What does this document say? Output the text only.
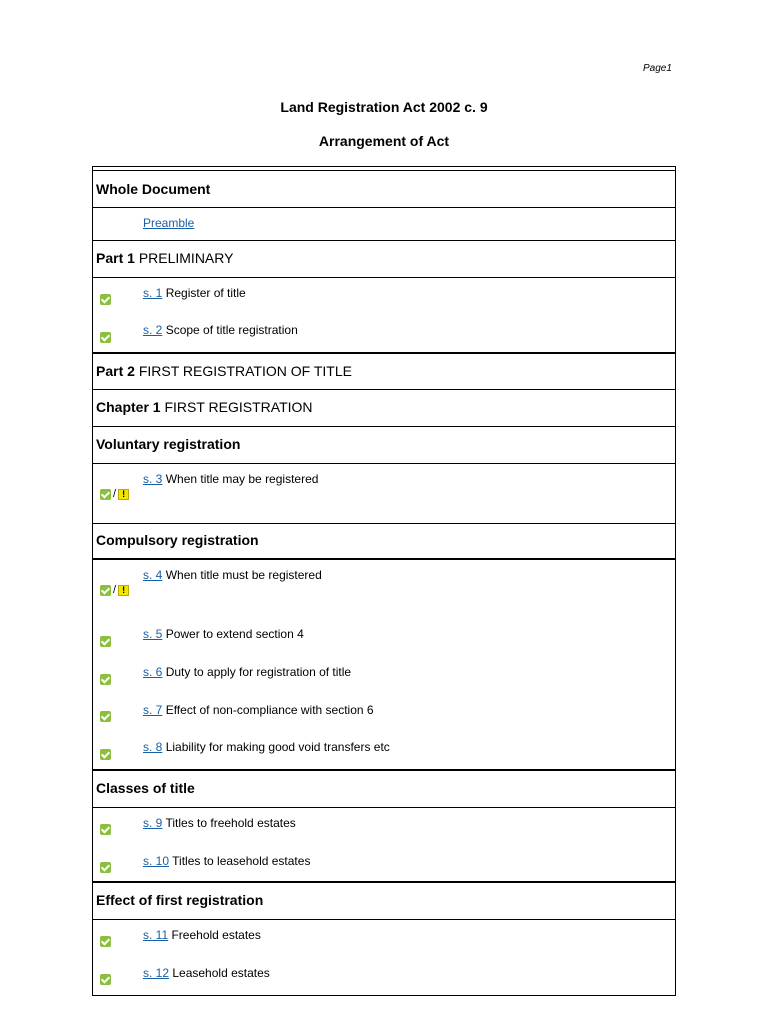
Page1
Land Registration Act 2002 c. 9
Arrangement of Act
Whole Document
Preamble
Part 1 PRELIMINARY
s. 1 Register of title
s. 2 Scope of title registration
Part 2 FIRST REGISTRATION OF TITLE
Chapter 1 FIRST REGISTRATION
Voluntary registration
/ !
s. 3 When title may be registered
Compulsory registration
/ !
s. 4 When title must be registered
s. 5 Power to extend section 4
s. 6 Duty to apply for registration of title
s. 7 Effect of non-compliance with section 6
s. 8 Liability for making good void transfers etc
Classes of title
s. 9 Titles to freehold estates
s. 10 Titles to leasehold estates
Effect of first registration
s. 11 Freehold estates
s. 12 Leasehold estates
